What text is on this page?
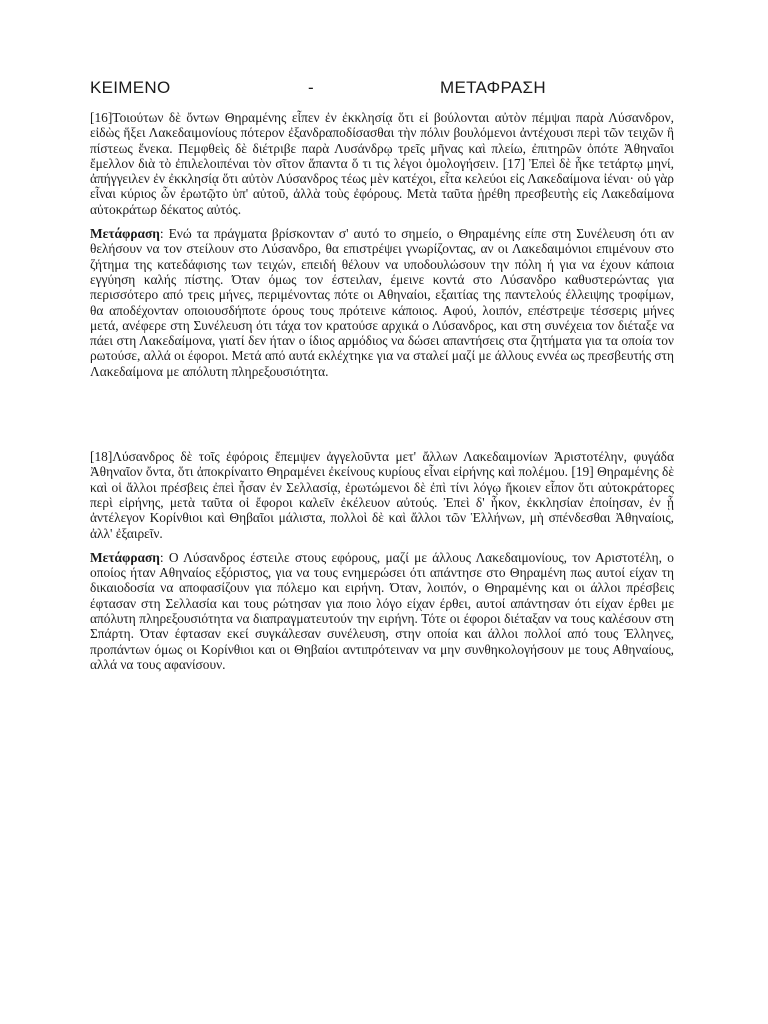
ΚΕΙΜΕΝΟ	-	ΜΕΤΑΦΡΑΣΗ

[16]Τοιούτων δὲ ὄντων Θηραμένης εἶπεν ἐν ἐκκλησίᾳ ὅτι εἰ βούλονται αὐτὸν πέμψαι παρὰ Λύσανδρον, εἰδὼς ἥξει Λακεδαιμονίους πότερον ἐξανδραποδίσασθαι τὴν πόλιν βουλόμενοι ἀντέχουσι περὶ τῶν τειχῶν ἢ πίστεως ἕνεκα. Πεμφθεὶς δὲ διέτριβε παρὰ Λυσάνδρῳ τρεῖς μῆνας καὶ πλείω, ἐπιτηρῶν ὁπότε Ἀθηναῖοι ἔμελλον διὰ τὸ ἐπιλελοιπέναι τὸν σῖτον ἅπαντα ὅ τι τις λέγοι ὁμολογήσειν. [17] Ἐπεὶ δὲ ἧκε τετάρτῳ μηνί, ἀπήγγειλεν ἐν ἐκκλησίᾳ ὅτι αὐτὸν Λύσανδρος τέως μὲν κατέχοι, εἶτα κελεύοι εἰς Λακεδαίμονα ἰέναι· οὐ γὰρ εἶναι κύριος ὧν ἐρωτῷτο ὑπ' αὐτοῦ, ἀλλὰ τοὺς ἐφόρους. Μετὰ ταῦτα ᾑρέθη πρεσβευτὴς εἰς Λακεδαίμονα αὐτοκράτωρ δέκατος αὐτός.

Μετάφραση: Ενώ τα πράγματα βρίσκονταν σ' αυτό το σημείο, ο Θηραμένης είπε στη Συνέλευση ότι αν θελήσουν να τον στείλουν στο Λύσανδρο, θα επιστρέψει γνωρίζοντας, αν οι Λακεδαιμόνιοι επιμένουν στο ζήτημα της κατεδάφισης των τειχών, επειδή θέλουν να υποδουλώσουν την πόλη ή για να έχουν κάποια εγγύηση καλής πίστης. Όταν όμως τον έστειλαν, έμεινε κοντά στο Λύσανδρο καθυστερώντας για περισσότερο από τρεις μήνες, περιμένοντας πότε οι Αθηναίοι, εξαιτίας της παντελούς έλλειψης τροφίμων, θα αποδέχονταν οποιουσδήποτε όρους τους πρότεινε κάποιος. Αφού, λοιπόν, επέστρεψε τέσσερις μήνες μετά, ανέφερε στη Συνέλευση ότι τάχα τον κρατούσε αρχικά ο Λύσανδρος, και στη συνέχεια τον διέταξε να πάει στη Λακεδαίμονα, γιατί δεν ήταν ο ίδιος αρμόδιος να δώσει απαντήσεις στα ζητήματα για τα οποία τον ρωτούσε, αλλά οι έφοροι. Μετά από αυτά εκλέχτηκε για να σταλεί μαζί με άλλους εννέα ως πρεσβευτής στη Λακεδαίμονα με απόλυτη πληρεξουσιότητα.

[18]Λύσανδρος δὲ τοῖς ἐφόροις ἔπεμψεν ἀγγελοῦντα μετ' ἄλλων Λακεδαιμονίων Ἀριστοτέλην, φυγάδα Ἀθηναῖον ὄντα, ὅτι ἀποκρίναιτο Θηραμένει ἐκείνους κυρίους εἶναι εἰρήνης καὶ πολέμου. [19] Θηραμένης δὲ καὶ οἱ ἄλλοι πρέσβεις ἐπεὶ ἦσαν ἐν Σελλασίᾳ, ἐρωτώμενοι δὲ ἐπὶ τίνι λόγῳ ἥκοιεν εἶπον ὅτι αὐτοκράτορες περὶ εἰρήνης, μετὰ ταῦτα οἱ ἔφοροι καλεῖν ἐκέλευον αὐτούς. Ἐπεὶ δ' ἧκον, ἐκκλησίαν ἐποίησαν, ἐν ᾗ ἀντέλεγον Κορίνθιοι καὶ Θηβαῖοι μάλιστα, πολλοὶ δὲ καὶ ἄλλοι τῶν Ἑλλήνων, μὴ σπένδεσθαι Ἀθηναίοις, ἀλλ' ἐξαιρεῖν.

Μετάφραση: Ο Λύσανδρος έστειλε στους εφόρους, μαζί με άλλους Λακεδαιμονίους, τον Αριστοτέλη, ο οποίος ήταν Αθηναίος εξόριστος, για να τους ενημερώσει ότι απάντησε στο Θηραμένη πως αυτοί είχαν τη δικαιοδοσία να αποφασίζουν για πόλεμο και ειρήνη. Όταν, λοιπόν, ο Θηραμένης και οι άλλοι πρέσβεις έφτασαν στη Σελλασία και τους ρώτησαν για ποιο λόγο είχαν έρθει, αυτοί απάντησαν ότι είχαν έρθει με απόλυτη πληρεξουσιότητα να διαπραγματευτούν την ειρήνη. Τότε οι έφοροι διέταξαν να τους καλέσουν στη Σπάρτη. Όταν έφτασαν εκεί συγκάλεσαν συνέλευση, στην οποία και άλλοι πολλοί από τους Έλληνες, προπάντων όμως οι Κορίνθιοι και οι Θηβαίοι αντιπρότειναν να μην συνθηκολογήσουν με τους Αθηναίους, αλλά να τους αφανίσουν.
